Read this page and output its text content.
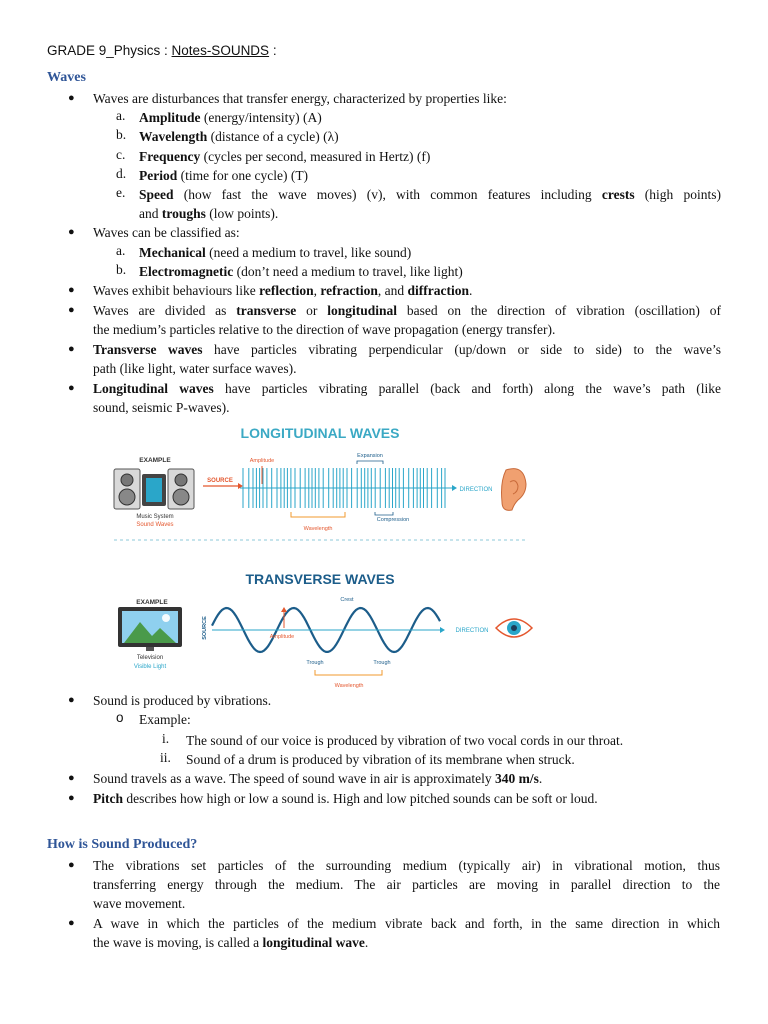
GRADE 9_Physics : Notes-SOUNDS :
Waves
● Waves are disturbances that transfer energy, characterized by properties like:
a. Amplitude (energy/intensity) (A)
b. Wavelength (distance of a cycle) (λ)
c. Frequency (cycles per second, measured in Hertz) (f)
d. Period (time for one cycle) (T)
e. Speed (how fast the wave moves) (v), with common features including crests (high points)
and troughs (low points).
● Waves can be classified as:
a. Mechanical (need a medium to travel, like sound)
b. Electromagnetic (don’t need a medium to travel, like light)
● Waves exhibit behaviours like reflection, refraction, and diffraction.
● Waves are divided as transverse or longitudinal based on the direction of vibration (oscillation) of
the medium’s particles relative to the direction of wave propagation (energy transfer).
● Transverse waves have particles vibrating perpendicular (up/down or side to side) to the wave’s
path (like light, water surface waves).
● Longitudinal waves have particles vibrating parallel (back and forth) along the wave’s path (like
sound, seismic P-waves).
LONGITUDINAL WAVES
EXAMPLE
Music System
Sound Waves
SOURCE
Amplitude
Expansion
DIRECTION
Wavelength
Compression
TRANSVERSE WAVES
EXAMPLE
Television
Visible Light
SOURCE	DIRECTION
Amplitude
Crest
Trough	Trough
Wavelength
● Sound is produced by vibrations.
o Example:
i. The sound of our voice is produced by vibration of two vocal cords in our throat.
ii. Sound of a drum is produced by vibration of its membrane when struck.
● Sound travels as a wave. The speed of sound wave in air is approximately 340 m/s.
● Pitch describes how high or low a sound is. High and low pitched sounds can be soft or loud.
How is Sound Produced?
● The vibrations set particles of the surrounding medium (typically air) in vibrational motion, thus
transferring energy through the medium. The air particles are moving in parallel direction to the
wave movement.
● A wave in which the particles of the medium vibrate back and forth, in the same direction in which
the wave is moving, is called a longitudinal wave.
